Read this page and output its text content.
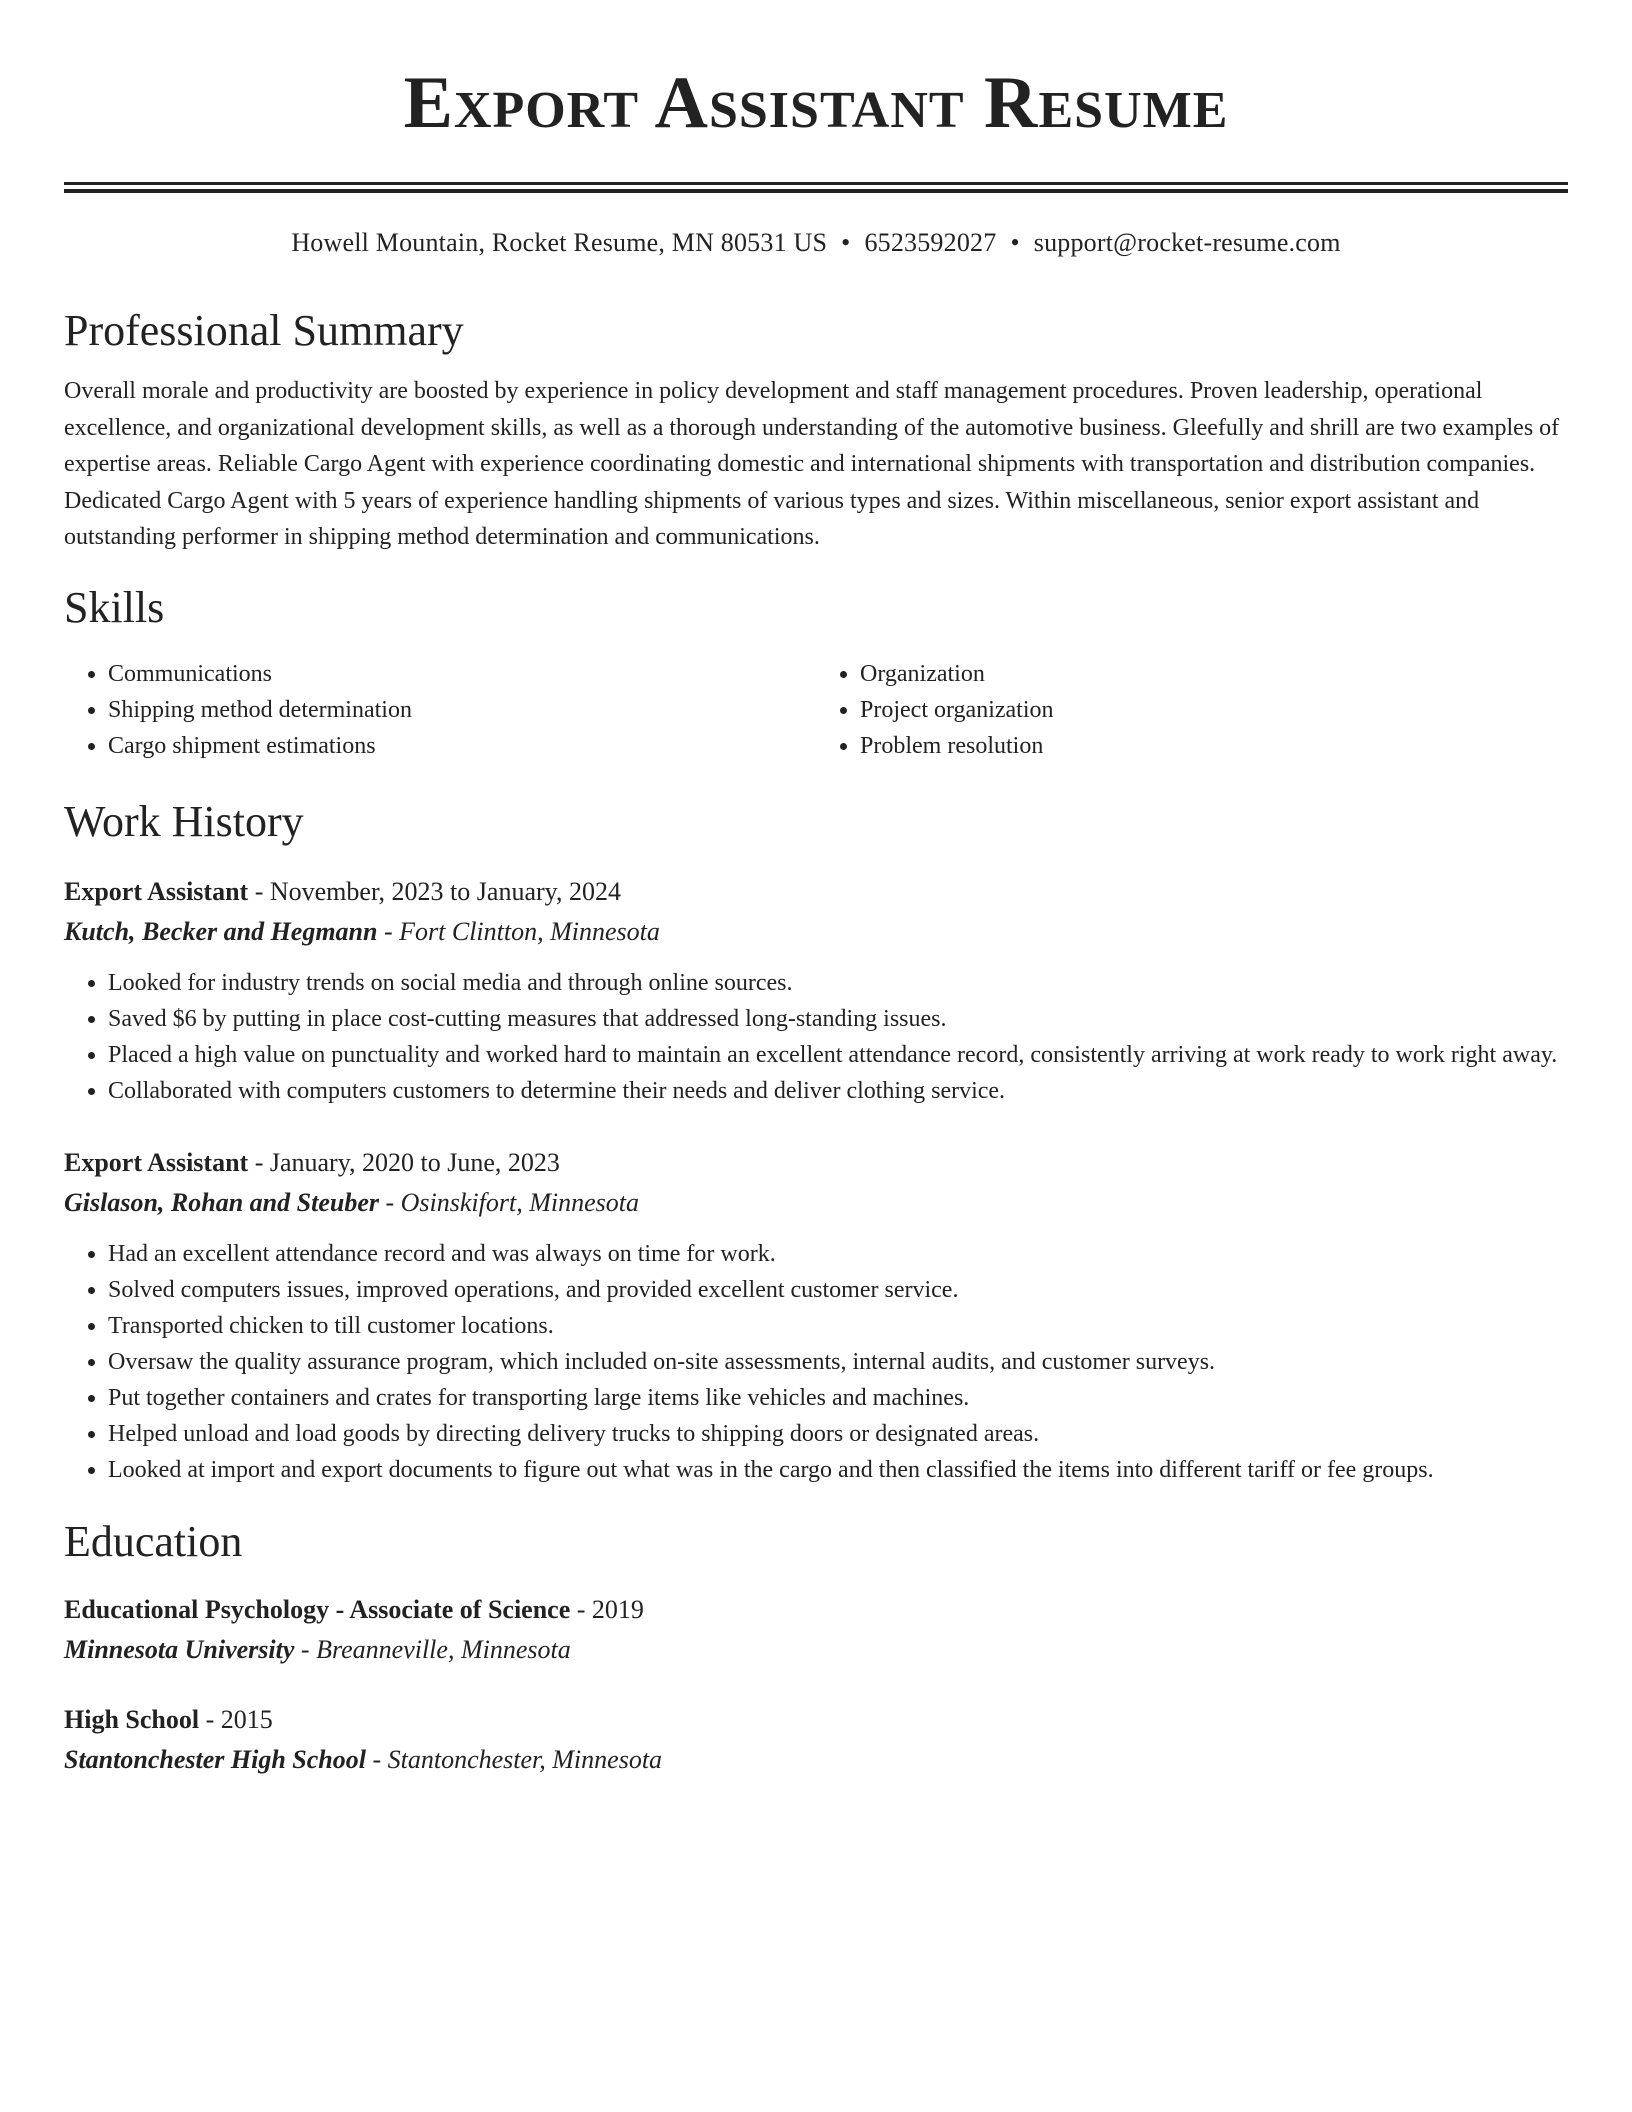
Export Assistant Resume
Howell Mountain, Rocket Resume, MN 80531 US • 6523592027 • support@rocket-resume.com
Professional Summary
Overall morale and productivity are boosted by experience in policy development and staff management procedures. Proven leadership, operational excellence, and organizational development skills, as well as a thorough understanding of the automotive business. Gleefully and shrill are two examples of expertise areas. Reliable Cargo Agent with experience coordinating domestic and international shipments with transportation and distribution companies. Dedicated Cargo Agent with 5 years of experience handling shipments of various types and sizes. Within miscellaneous, senior export assistant and outstanding performer in shipping method determination and communications.
Skills
• Communications
• Shipping method determination
• Cargo shipment estimations
• Organization
• Project organization
• Problem resolution
Work History
Export Assistant - November, 2023 to January, 2024
Kutch, Becker and Hegmann - Fort Clintton, Minnesota
• Looked for industry trends on social media and through online sources.
• Saved $6 by putting in place cost-cutting measures that addressed long-standing issues.
• Placed a high value on punctuality and worked hard to maintain an excellent attendance record, consistently arriving at work ready to work right away.
• Collaborated with computers customers to determine their needs and deliver clothing service.
Export Assistant - January, 2020 to June, 2023
Gislason, Rohan and Steuber - Osinskifort, Minnesota
• Had an excellent attendance record and was always on time for work.
• Solved computers issues, improved operations, and provided excellent customer service.
• Transported chicken to till customer locations.
• Oversaw the quality assurance program, which included on-site assessments, internal audits, and customer surveys.
• Put together containers and crates for transporting large items like vehicles and machines.
• Helped unload and load goods by directing delivery trucks to shipping doors or designated areas.
• Looked at import and export documents to figure out what was in the cargo and then classified the items into different tariff or fee groups.
Education
Educational Psychology - Associate of Science - 2019
Minnesota University - Breanneville, Minnesota
High School - 2015
Stantonchester High School - Stantonchester, Minnesota
